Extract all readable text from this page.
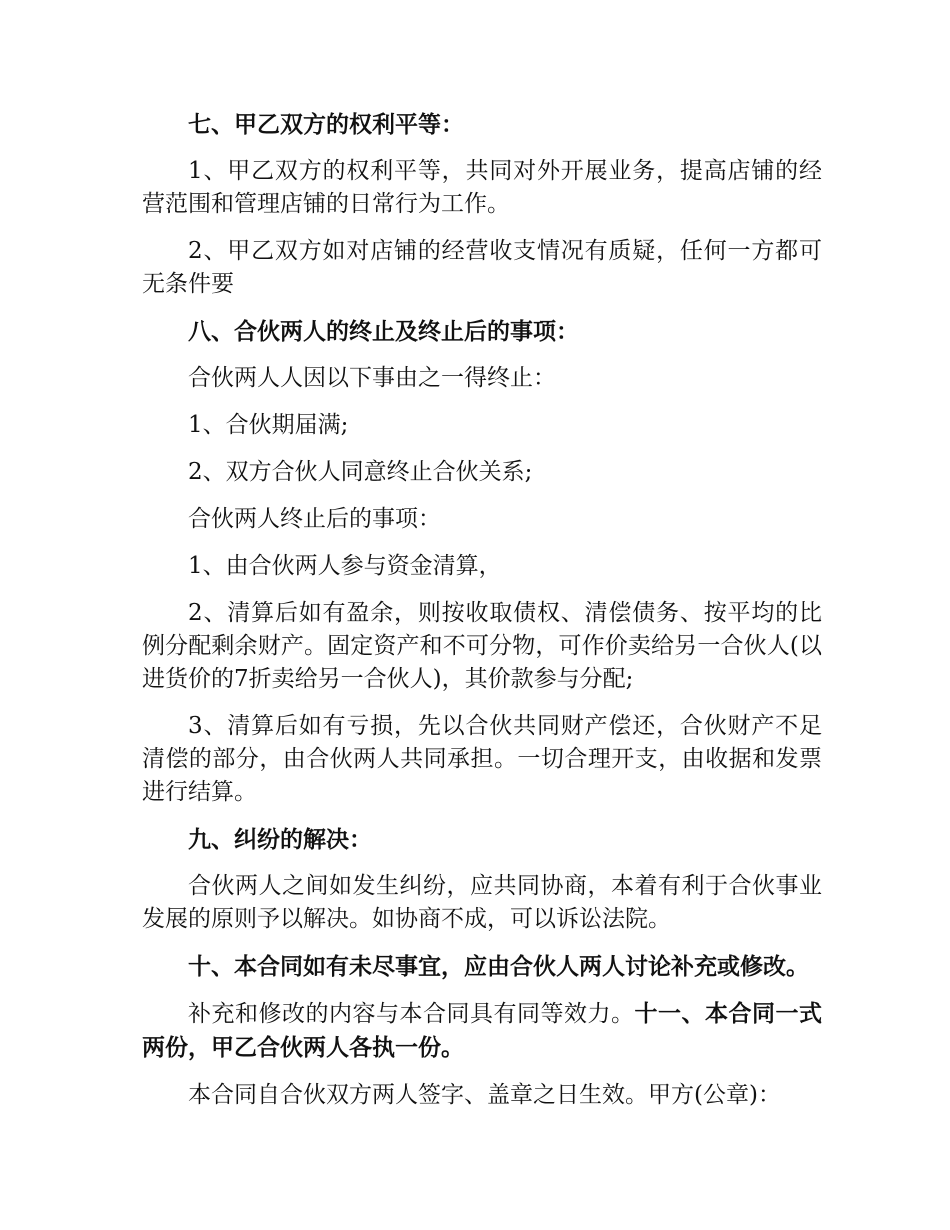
七、甲乙双方的权利平等：

1、甲乙双方的权利平等，共同对外开展业务，提高店铺的经营范围和管理店铺的日常行为工作。

2、甲乙双方如对店铺的经营收支情况有质疑，任何一方都可无条件要

八、合伙两人的终止及终止后的事项：

合伙两人人因以下事由之一得终止：

1、合伙期届满;

2、双方合伙人同意终止合伙关系;

合伙两人终止后的事项：

1、由合伙两人参与资金清算，

2、清算后如有盈余，则按收取债权、清偿债务、按平均的比例分配剩余财产。固定资产和不可分物，可作价卖给另一合伙人(以进货价的7折卖给另一合伙人)，其价款参与分配;

3、清算后如有亏损，先以合伙共同财产偿还，合伙财产不足清偿的部分，由合伙两人共同承担。一切合理开支，由收据和发票进行结算。

九、纠纷的解决：

合伙两人之间如发生纠纷，应共同协商，本着有利于合伙事业发展的原则予以解决。如协商不成，可以诉讼法院。

十、本合同如有未尽事宜，应由合伙人两人讨论补充或修改。

补充和修改的内容与本合同具有同等效力。十一、本合同一式两份，甲乙合伙两人各执一份。

本合同自合伙双方两人签字、盖章之日生效。甲方(公章)：
